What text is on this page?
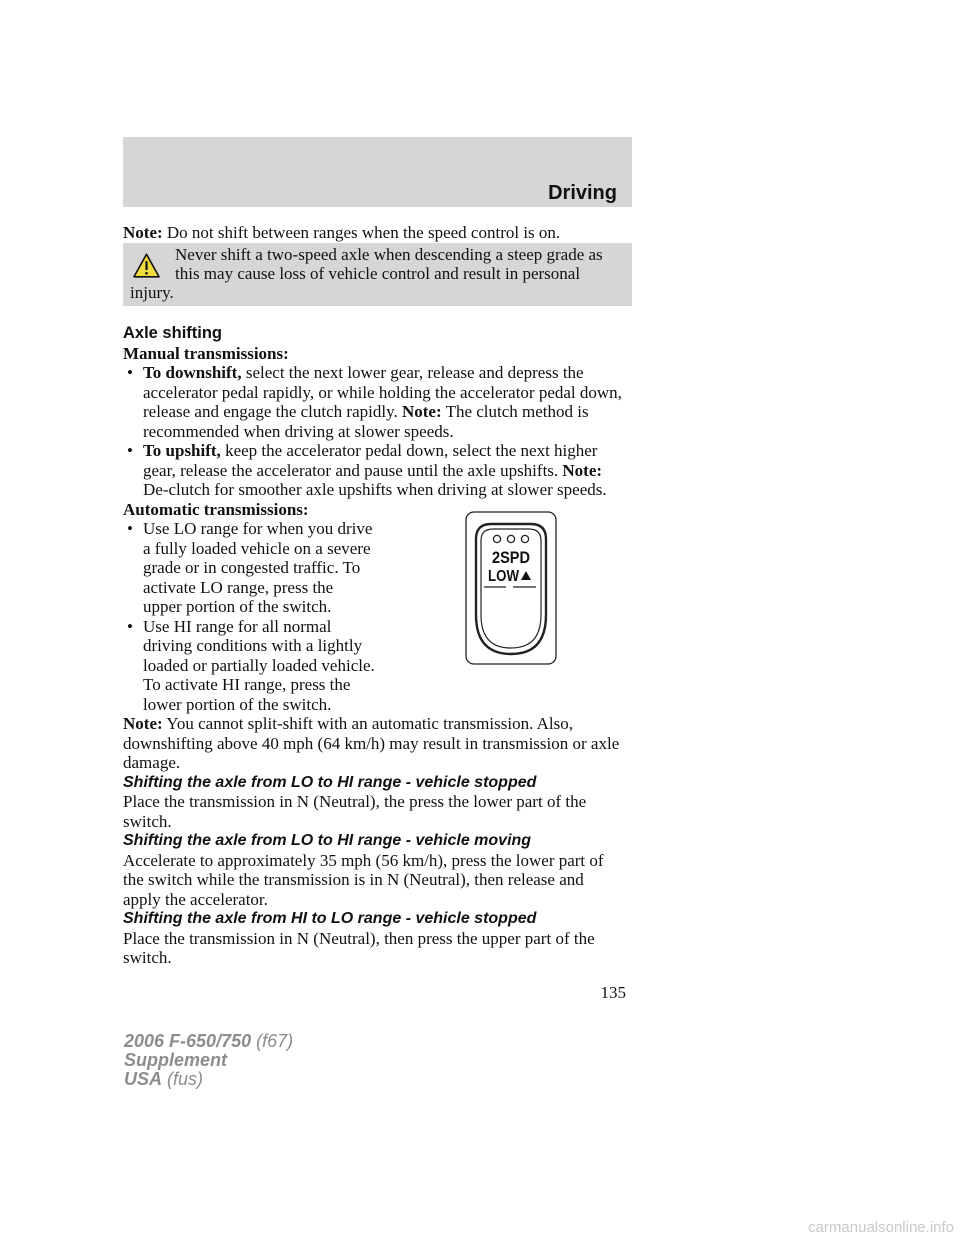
Driving
Note: Do not shift between ranges when the speed control is on.
Never shift a two-speed axle when descending a steep grade as
this may cause loss of vehicle control and result in personal
injury.
Axle shifting
Manual transmissions:
• To downshift, select the next lower gear, release and depress the
accelerator pedal rapidly, or while holding the accelerator pedal down,
release and engage the clutch rapidly. Note: The clutch method is
recommended when driving at slower speeds.
• To upshift, keep the accelerator pedal down, select the next higher
gear, release the accelerator and pause until the axle upshifts. Note:
De-clutch for smoother axle upshifts when driving at slower speeds.
Automatic transmissions:
• Use LO range for when you drive
a fully loaded vehicle on a severe
grade or in congested traffic. To
activate LO range, press the
upper portion of the switch.
• Use HI range for all normal
driving conditions with a lightly
loaded or partially loaded vehicle.
To activate HI range, press the
lower portion of the switch.
2SPD
LOW
Note: You cannot split-shift with an automatic transmission. Also,
downshifting above 40 mph (64 km/h) may result in transmission or axle
damage.
Shifting the axle from LO to HI range - vehicle stopped
Place the transmission in N (Neutral), the press the lower part of the
switch.
Shifting the axle from LO to HI range - vehicle moving
Accelerate to approximately 35 mph (56 km/h), press the lower part of
the switch while the transmission is in N (Neutral), then release and
apply the accelerator.
Shifting the axle from HI to LO range - vehicle stopped
Place the transmission in N (Neutral), then press the upper part of the
switch.
135
2006 F-650/750 (f67)
Supplement
USA (fus)
carmanualsonline.info
